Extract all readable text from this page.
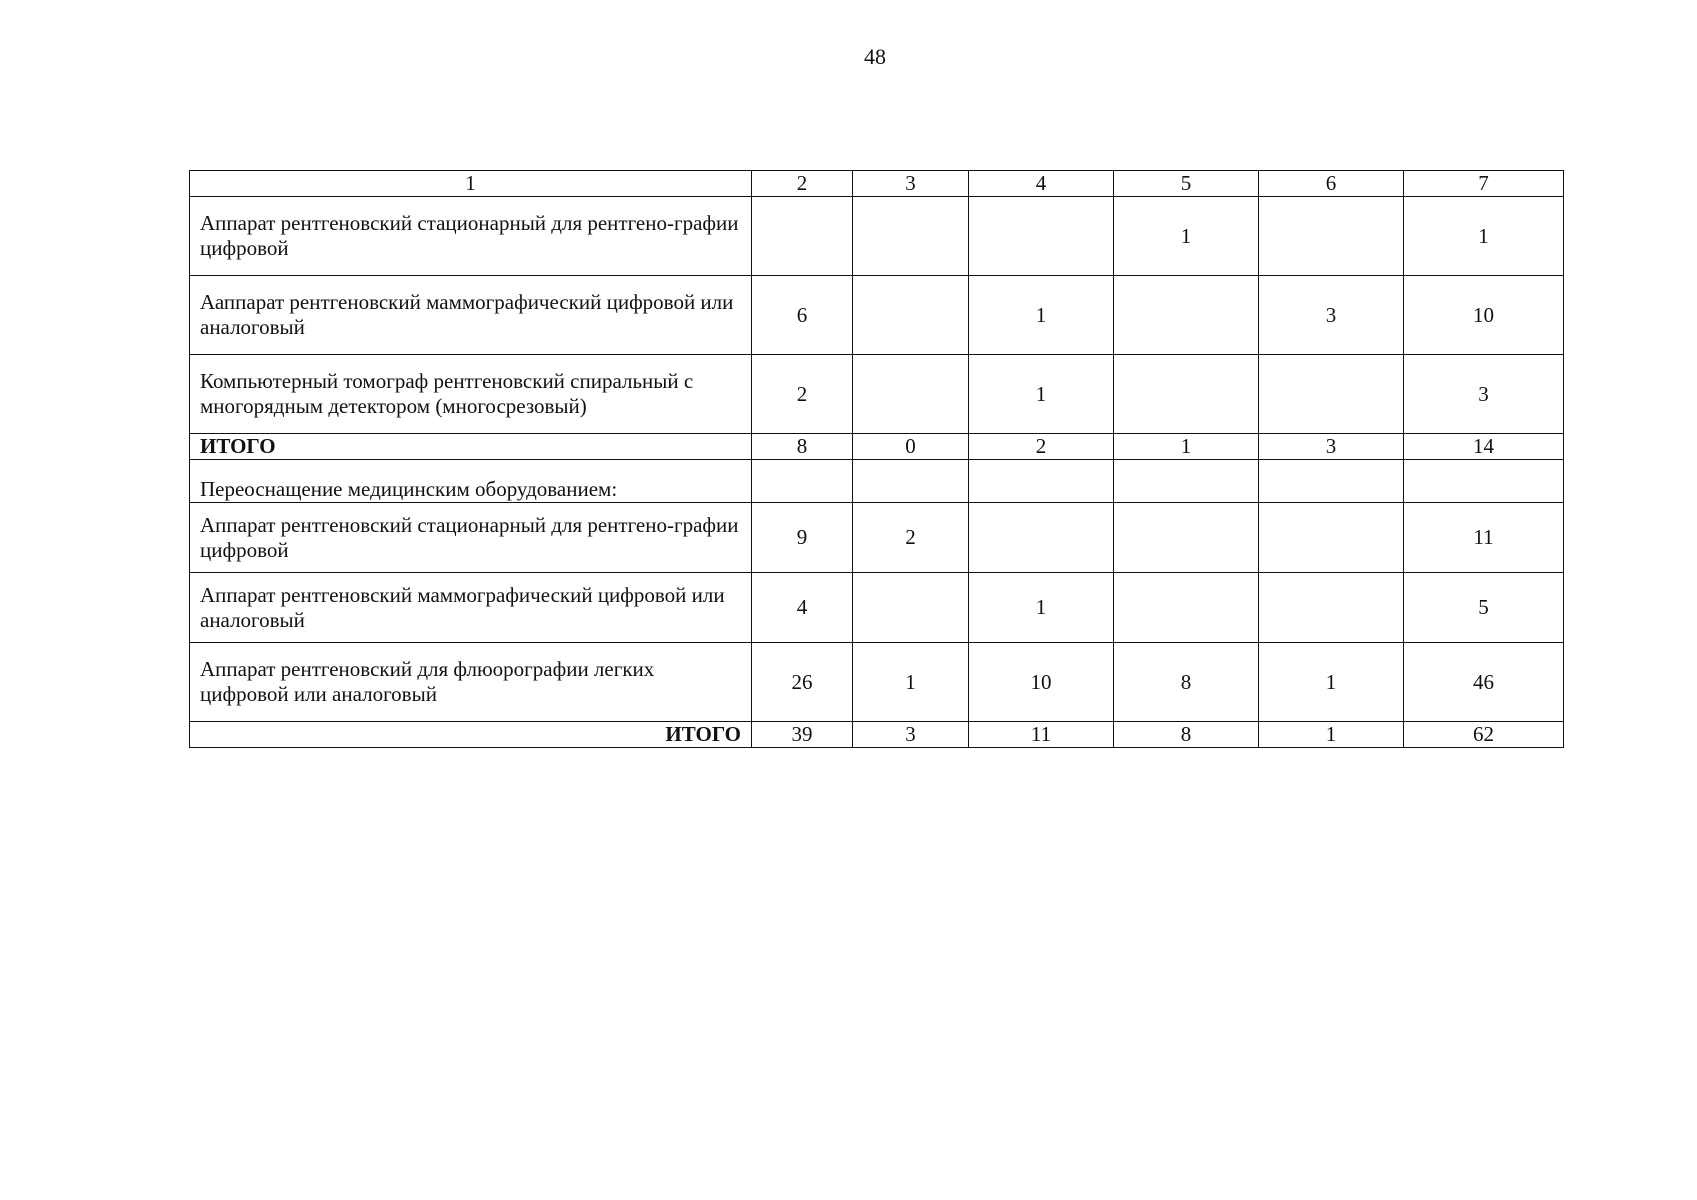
48
1	2	3	4	5	6	7
Аппарат рентгеновский стационарный для рентгено-графии цифровой				1		1
Ааппарат рентгеновский маммографический цифровой или аналоговый	6		1		3	10
Компьютерный томограф рентгеновский спиральный с многорядным детектором (многосрезовый)	2		1			3
ИТОГО	8	0	2	1	3	14
Переоснащение медицинским оборудованием:						
Аппарат рентгеновский стационарный для рентгено-графии цифровой	9	2				11
Аппарат рентгеновский маммографический цифровой или аналоговый	4		1			5
Аппарат рентгеновский для флюорографии легких цифровой или аналоговый	26	1	10	8	1	46
ИТОГО	39	3	11	8	1	62
